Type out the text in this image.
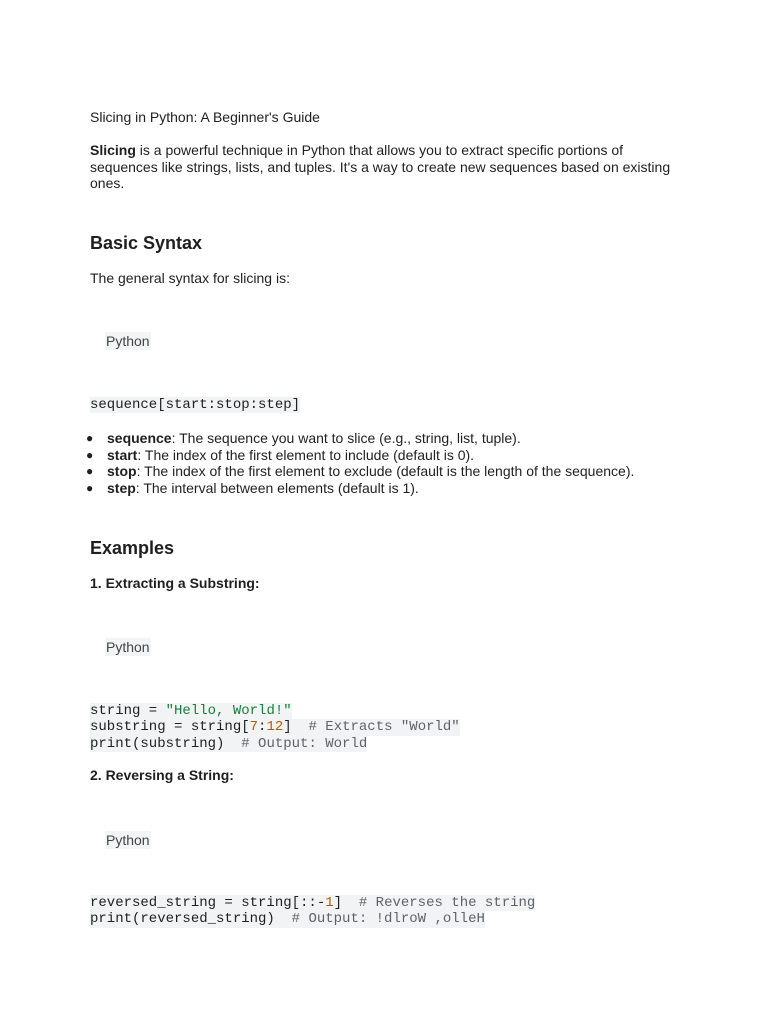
Slicing in Python: A Beginner's Guide
Slicing is a powerful technique in Python that allows you to extract specific portions of sequences like strings, lists, and tuples. It's a way to create new sequences based on existing ones.
Basic Syntax
The general syntax for slicing is:
Python
sequence[start:stop:step]
● sequence: The sequence you want to slice (e.g., string, list, tuple).
● start: The index of the first element to include (default is 0).
● stop: The index of the first element to exclude (default is the length of the sequence).
● step: The interval between elements (default is 1).
Examples
1. Extracting a Substring:
Python
string = "Hello, World!"
substring = string[7:12]  # Extracts "World"
print(substring)  # Output: World
2. Reversing a String:
Python
reversed_string = string[::-1]  # Reverses the string
print(reversed_string)  # Output: !dlroW ,olleH
